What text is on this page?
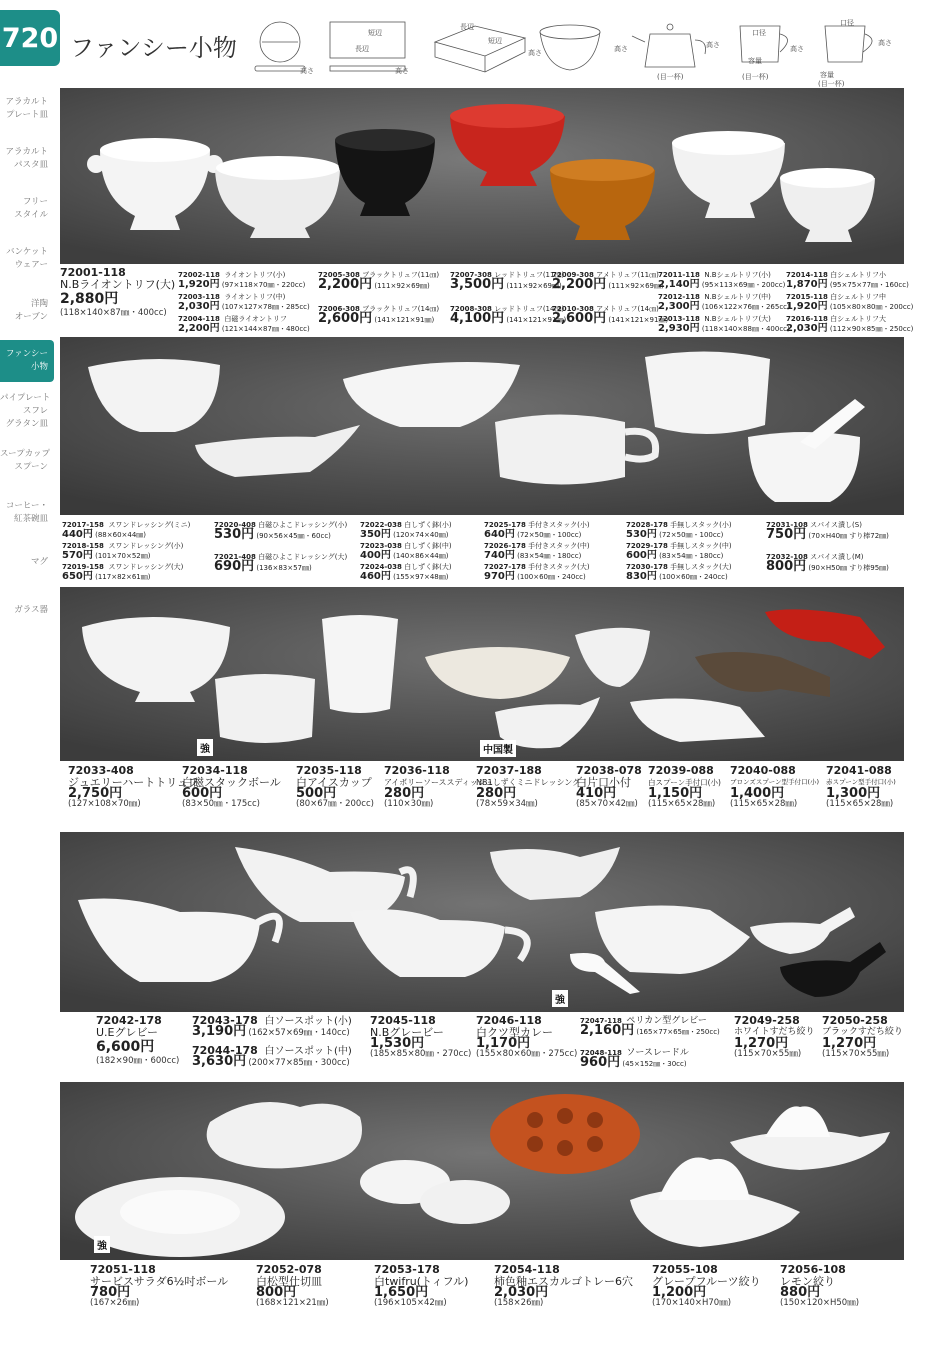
720 ファンシー小物
高さ
短辺
長辺
高さ
長辺
短辺
高さ	高さ	高さ
口径
容量
(目一杯)	(目一杯)
高さ
口径
高さ
容量
(目一杯)
アラカルト
プレート皿
アラカルト
パスタ皿
フリー
スタイル
バンケット
ウェアー
洋陶
オーブン
ファンシー
小物
パイプレート
スフレ
グラタン皿
スープカップ
スプーン
コーヒー・
紅茶碗皿
マグ
ガラス器
72001-118
N.Bライオントリフ(大)
2,880円
(118×140×87㎜・400cc)
72002-118 ライオントリフ(小)
1,920円 (97×118×70㎜・220cc)
72003-118 ライオントリフ(中)
2,030円 (107×127×78㎜・285cc)
72004-118 白磁ライオントリフ
2,200円 (121×144×87㎜・480cc)
72005-308 ブラックトリュフ(11㎝)
2,200円 (111×92×69㎜)
72006-308 ブラックトリュフ(14㎝)
2,600円 (141×121×91㎜)
72007-308 レッドトリュフ(11㎝)
3,500円 (111×92×69㎜)
72008-308 レッドトリュフ(14㎝)
4,100円 (141×121×91㎜)
72009-308 アメトリュフ(11㎝)
2,200円 (111×92×69㎜)
72010-308 アメトリュフ(14㎝)
2,600円 (141×121×91㎜)
72011-118 N.Bシェルトリフ(小)
2,140円 (95×113×69㎜・200cc)
72012-118 N.Bシェルトリフ(中)
2,300円 (106×122×76㎜・265cc)
72013-118 N.Bシェルトリフ(大)
2,930円 (118×140×88㎜・400cc)
72014-118 白シェルトリフ小
1,870円 (95×75×77㎜・160cc)
72015-118 白シェルトリフ中
1,920円 (105×80×80㎜・200cc)
72016-118 白シェルトリフ大
2,030円 (112×90×85㎜・250cc)
72017-158 スワンドレッシング(ミニ)
440円 (88×60×44㎜)
72018-158 スワンドレッシング(小)
570円 (101×70×52㎜)
72019-158 スワンドレッシング(大)
650円 (117×82×61㎜)
72020-408 白磁ひよこドレッシング(小)
530円 (90×56×45㎜・60cc)
72021-408 白磁ひよこドレッシング(大)
690円 (136×83×57㎜)
72022-038 白しずく鉢(小)
350円 (120×74×40㎜)
72023-038 白しずく鉢(中)
400円 (140×86×44㎜)
72024-038 白しずく鉢(大)
460円 (155×97×48㎜)
72025-178 手付きスタック(小)
640円 (72×50㎜・100cc)
72026-178 手付きスタック(中)
740円 (83×54㎜・180cc)
72027-178 手付きスタック(大)
970円 (100×60㎜・240cc)
72028-178 手無しスタック(小)
530円 (72×50㎜・100cc)
72029-178 手無しスタック(中)
600円 (83×54㎜・180cc)
72030-178 手無しスタック(大)
830円 (100×60㎜・240cc)
72031-108 スパイス潰し(S)
750円 (70×H40㎜ すり棒72㎜)
72032-108 スパイス潰し(M)
800円 (90×H50㎜ すり棒95㎜)
強	中国製
72033-408
ジュエリーハートトリュフ
2,750円
(127×108×70㎜)
72034-118
白磁スタックボール
600円
(83×50㎜・175cc)
72035-118
白アイスカップ
500円
(80×67㎜・200cc)
72036-118
アイボリーソーススディッシュ
280円
(110×30㎜)
72037-188
NB1しずくミニドレッシング
280円
(78×59×34㎜)
72038-078
白片口小付
410円
(85×70×42㎜)
72039-088
白スプーン手付口(小)
1,150円
(115×65×28㎜)
72040-088
ブロンズスプーン型手付口(小)
1,400円
(115×65×28㎜)
72041-088
赤スプーン型手付口(小)
1,300円
(115×65×28㎜)
強
72042-178
U.Eグレビー
6,600円
(182×90㎜・600cc)
72043-178 白ソースポット(小)
3,190円 (162×57×69㎜・140cc)
72044-178 白ソースポット(中)
3,630円 (200×77×85㎜・300cc)
72045-118
N.Bグレービー
1,530円
(185×85×80㎜・270cc)
72046-118
白クツ型カレー
1,170円
(155×80×60㎜・275cc)
72047-118 ペリカン型グレビー
2,160円 (165×77×65㎜・250cc)
72048-118 ソースレードル
960円 (45×152㎜・30cc)
72049-258
ホワイトすだち絞り
1,270円
(115×70×55㎜)
72050-258
ブラックすだち絞り
1,270円
(115×70×55㎜)
強
72051-118
サービスサラダ6½吋ボール
780円
(167×26㎜)
72052-078
白松型仕切皿
800円
(168×121×21㎜)
72053-178
白twifru(トィフル)
1,650円
(196×105×42㎜)
72054-118
柿色釉エスカルゴトレー6穴
2,030円
(158×26㎜)
72055-108
グレープフルーツ絞り
1,200円
(170×140×H70㎜)
72056-108
レモン絞り
880円
(150×120×H50㎜)
